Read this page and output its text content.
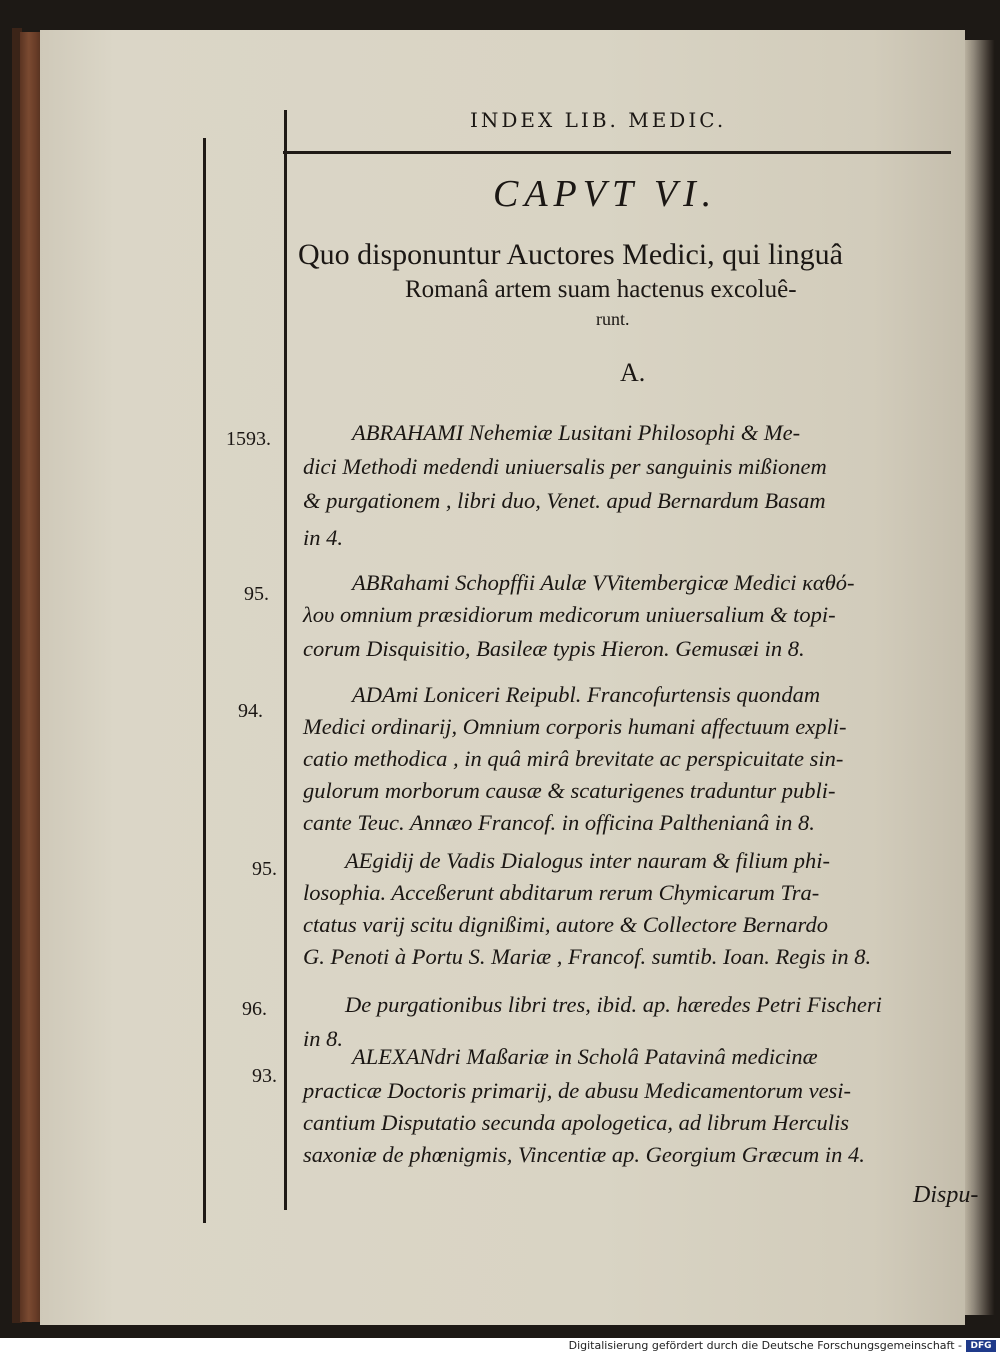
INDEX LIB. MEDIC.
CAPVT VI.
Quo disponuntur Auctores Medici, qui linguâ
Romanâ artem suam hactenus excoluê-
runt.
A.
1593.
95.
94.
95.
96.
93.
ABRAHAMI Nehemiæ Lusitani Philosophi & Me-
dici Methodi medendi uniuersalis per sanguinis mißionem
& purgationem , libri duo, Venet. apud Bernardum Basam
in 4.
ABRahami Schopffii Aulæ VVitembergicæ Medici καθό-
λου omnium præsidiorum medicorum uniuersalium & topi-
corum Disquisitio, Basileæ typis Hieron. Gemusæi in 8.
ADAmi Loniceri Reipubl. Francofurtensis quondam
Medici ordinarij, Omnium corporis humani affectuum expli-
catio methodica , in quâ mirâ brevitate ac perspicuitate sin-
gulorum morborum causæ & scaturigenes traduntur publi-
cante Teuc. Annæo Francof. in officina Palthenianâ in 8.
AEgidij de Vadis Dialogus inter nauram & filium phi-
losophia. Acceßerunt abditarum rerum Chymicarum Tra-
ctatus varij scitu dignißimi, autore & Collectore Bernardo
G. Penoti à Portu S. Mariæ , Francof. sumtib. Ioan. Regis in 8.
De purgationibus libri tres, ibid. ap. hæredes Petri Fischeri
in 8.
ALEXANdri Maßariæ in Scholâ Patavinâ medicinæ
practicæ Doctoris primarij, de abusu Medicamentorum vesi-
cantium Disputatio secunda apologetica, ad librum Herculis
saxoniæ de phœnigmis, Vincentiæ ap. Georgium Græcum in 4.
Dispu-
Digitalisierung gefördert durch die Deutsche Forschungsgemeinschaft - DFG
